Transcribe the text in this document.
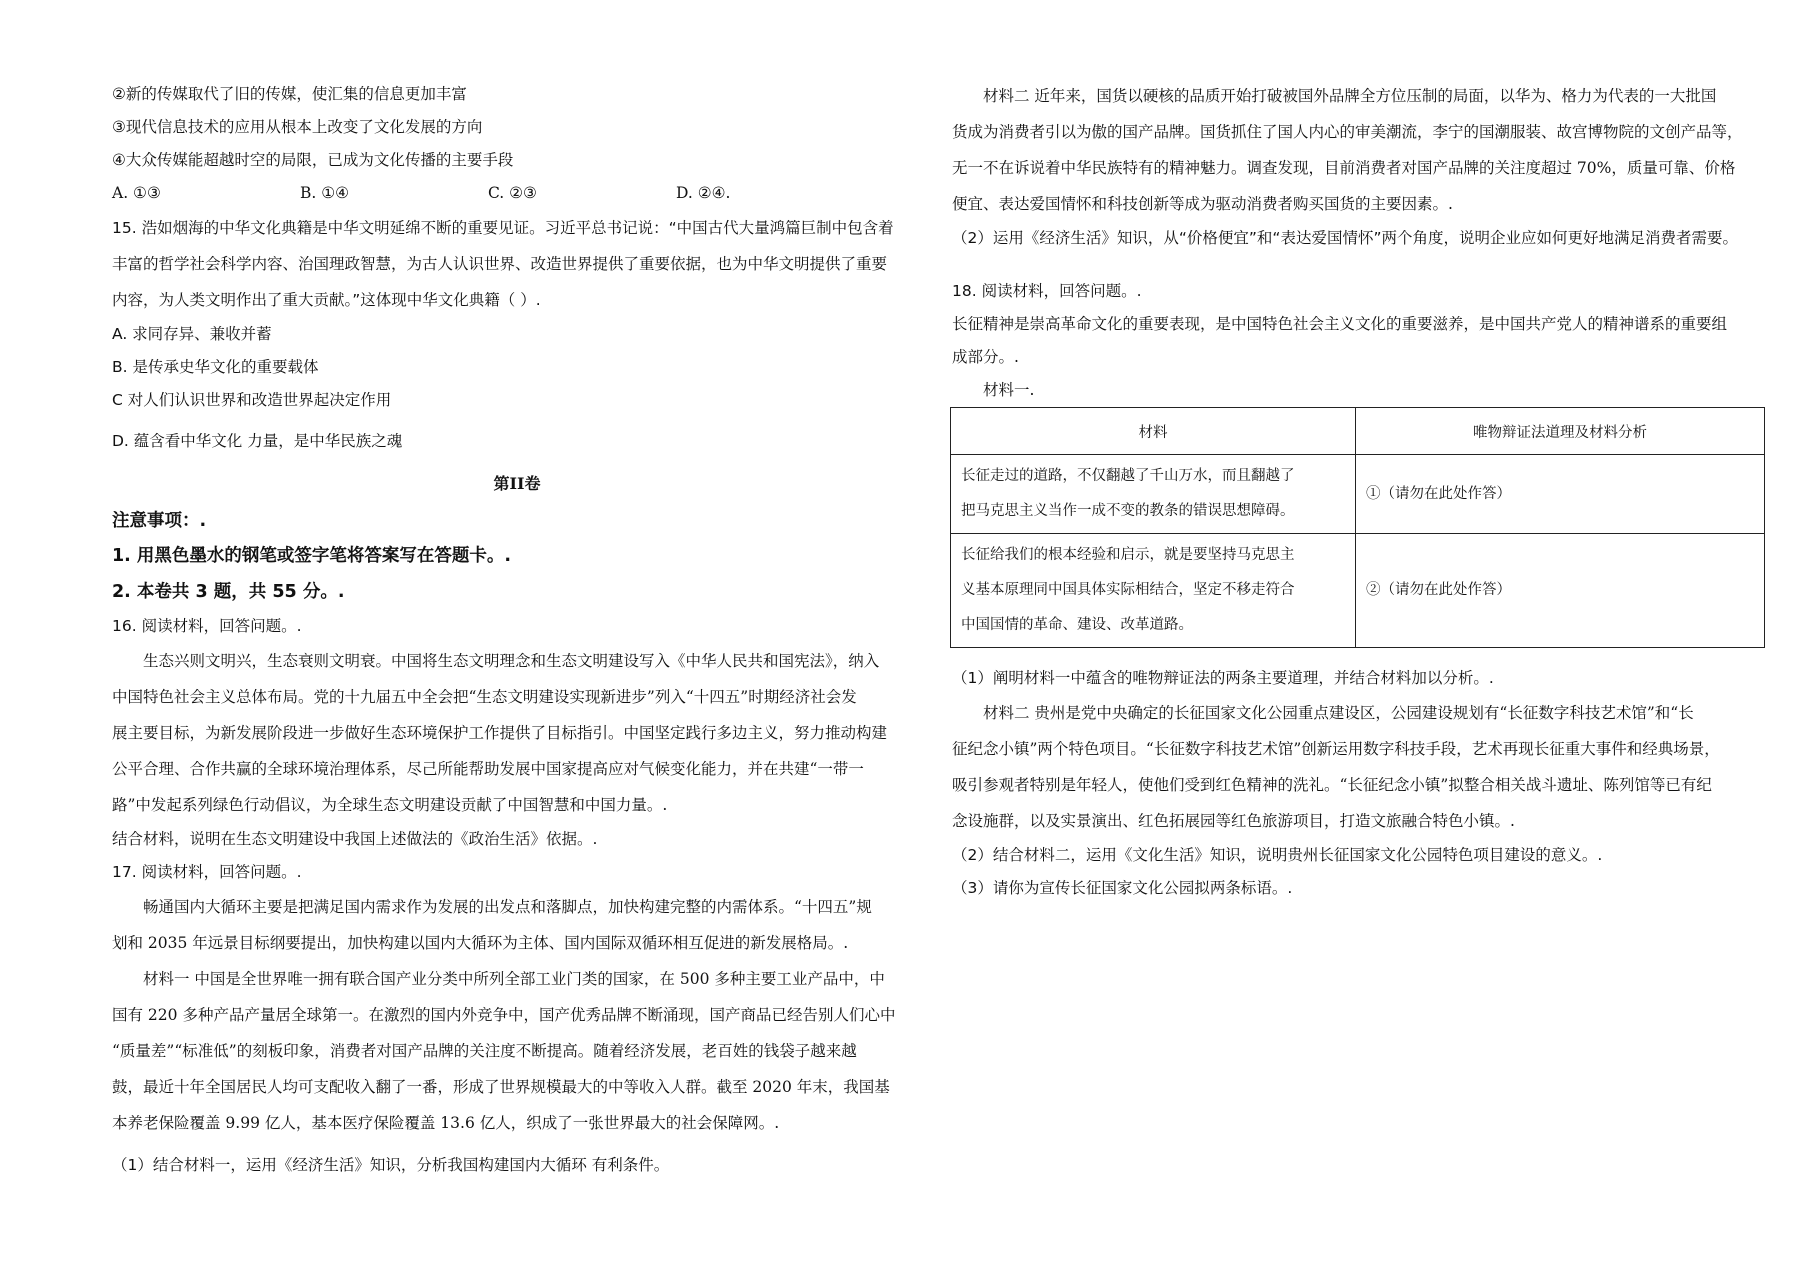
②新的传媒取代了旧的传媒，使汇集的信息更加丰富

③现代信息技术的应用从根本上改变了文化发展的方向

④大众传媒能超越时空的局限，已成为文化传播的主要手段

A. ①③	B. ①④	C. ②③	D. ②④.

15. 浩如烟海的中华文化典籍是中华文明延绵不断的重要见证。习近平总书记说：“中国古代大量鸿篇巨制中包含着

丰富的哲学社会科学内容、治国理政智慧，为古人认识世界、改造世界提供了重要依据，也为中华文明提供了重要

内容，为人类文明作出了重大贡献。”这体现中华文化典籍（ ）.

A. 求同存异、兼收并蓄

B. 是传承史华文化的重要载体

C 对人们认识世界和改造世界起决定作用

D. 蕴含看中华文化 力量，是中华民族之魂

第II卷

注意事项：.

1. 用黑色墨水的钢笔或签字笔将答案写在答题卡。.

2. 本卷共 3 题，共 55 分。.

16. 阅读材料，回答问题。.

生态兴则文明兴，生态衰则文明衰。中国将生态文明理念和生态文明建设写入《中华人民共和国宪法》，纳入

中国特色社会主义总体布局。党的十九届五中全会把“生态文明建设实现新进步”列入“十四五”时期经济社会发

展主要目标，为新发展阶段进一步做好生态环境保护工作提供了目标指引。中国坚定践行多边主义，努力推动构建

公平合理、合作共赢的全球环境治理体系，尽己所能帮助发展中国家提高应对气候变化能力，并在共建“一带一

路”中发起系列绿色行动倡议，为全球生态文明建设贡献了中国智慧和中国力量。.

结合材料，说明在生态文明建设中我国上述做法的《政治生活》依据。.

17. 阅读材料，回答问题。.

畅通国内大循环主要是把满足国内需求作为发展的出发点和落脚点，加快构建完整的内需体系。“十四五”规

划和 2035 年远景目标纲要提出，加快构建以国内大循环为主体、国内国际双循环相互促进的新发展格局。.

材料一 中国是全世界唯一拥有联合国产业分类中所列全部工业门类的国家，在 500 多种主要工业产品中，中

国有 220 多种产品产量居全球第一。在激烈的国内外竞争中，国产优秀品牌不断涌现，国产商品已经告别人们心中

“质量差”“标准低”的刻板印象，消费者对国产品牌的关注度不断提高。随着经济发展，老百姓的钱袋子越来越

鼓，最近十年全国居民人均可支配收入翻了一番，形成了世界规模最大的中等收入人群。截至 2020 年末，我国基

本养老保险覆盖 9.99 亿人，基本医疗保险覆盖 13.6 亿人，织成了一张世界最大的社会保障网。.

（1）结合材料一，运用《经济生活》知识，分析我国构建国内大循环 有利条件。

材料二 近年来，国货以硬核的品质开始打破被国外品牌全方位压制的局面，以华为、格力为代表的一大批国

货成为消费者引以为傲的国产品牌。国货抓住了国人内心的审美潮流，李宁的国潮服装、故宫博物院的文创产品等，

无一不在诉说着中华民族特有的精神魅力。调查发现，目前消费者对国产品牌的关注度超过 70%，质量可靠、价格

便宜、表达爱国情怀和科技创新等成为驱动消费者购买国货的主要因素。.

（2）运用《经济生活》知识，从“价格便宜”和“表达爱国情怀”两个角度，说明企业应如何更好地满足消费者需要。

18. 阅读材料，回答问题。.

长征精神是崇高革命文化的重要表现，是中国特色社会主义文化的重要滋养，是中国共产党人的精神谱系的重要组

成部分。.

材料一.

材料	唯物辩证法道理及材料分析

长征走过的道路，不仅翻越了千山万水，而且翻越了
把马克思主义当作一成不变的教条的错误思想障碍。	①（请勿在此处作答）

长征给我们的根本经验和启示，就是要坚持马克思主
义基本原理同中国具体实际相结合，坚定不移走符合
中国国情的革命、建设、改革道路。	②（请勿在此处作答）

（1）阐明材料一中蕴含的唯物辩证法的两条主要道理，并结合材料加以分析。.

材料二 贵州是党中央确定的长征国家文化公园重点建设区，公园建设规划有“长征数字科技艺术馆”和“长

征纪念小镇”两个特色项目。“长征数字科技艺术馆”创新运用数字科技手段，艺术再现长征重大事件和经典场景，

吸引参观者特别是年轻人，使他们受到红色精神的洗礼。“长征纪念小镇”拟整合相关战斗遗址、陈列馆等已有纪

念设施群，以及实景演出、红色拓展园等红色旅游项目，打造文旅融合特色小镇。.

（2）结合材料二，运用《文化生活》知识，说明贵州长征国家文化公园特色项目建设的意义。.

（3）请你为宣传长征国家文化公园拟两条标语。.
